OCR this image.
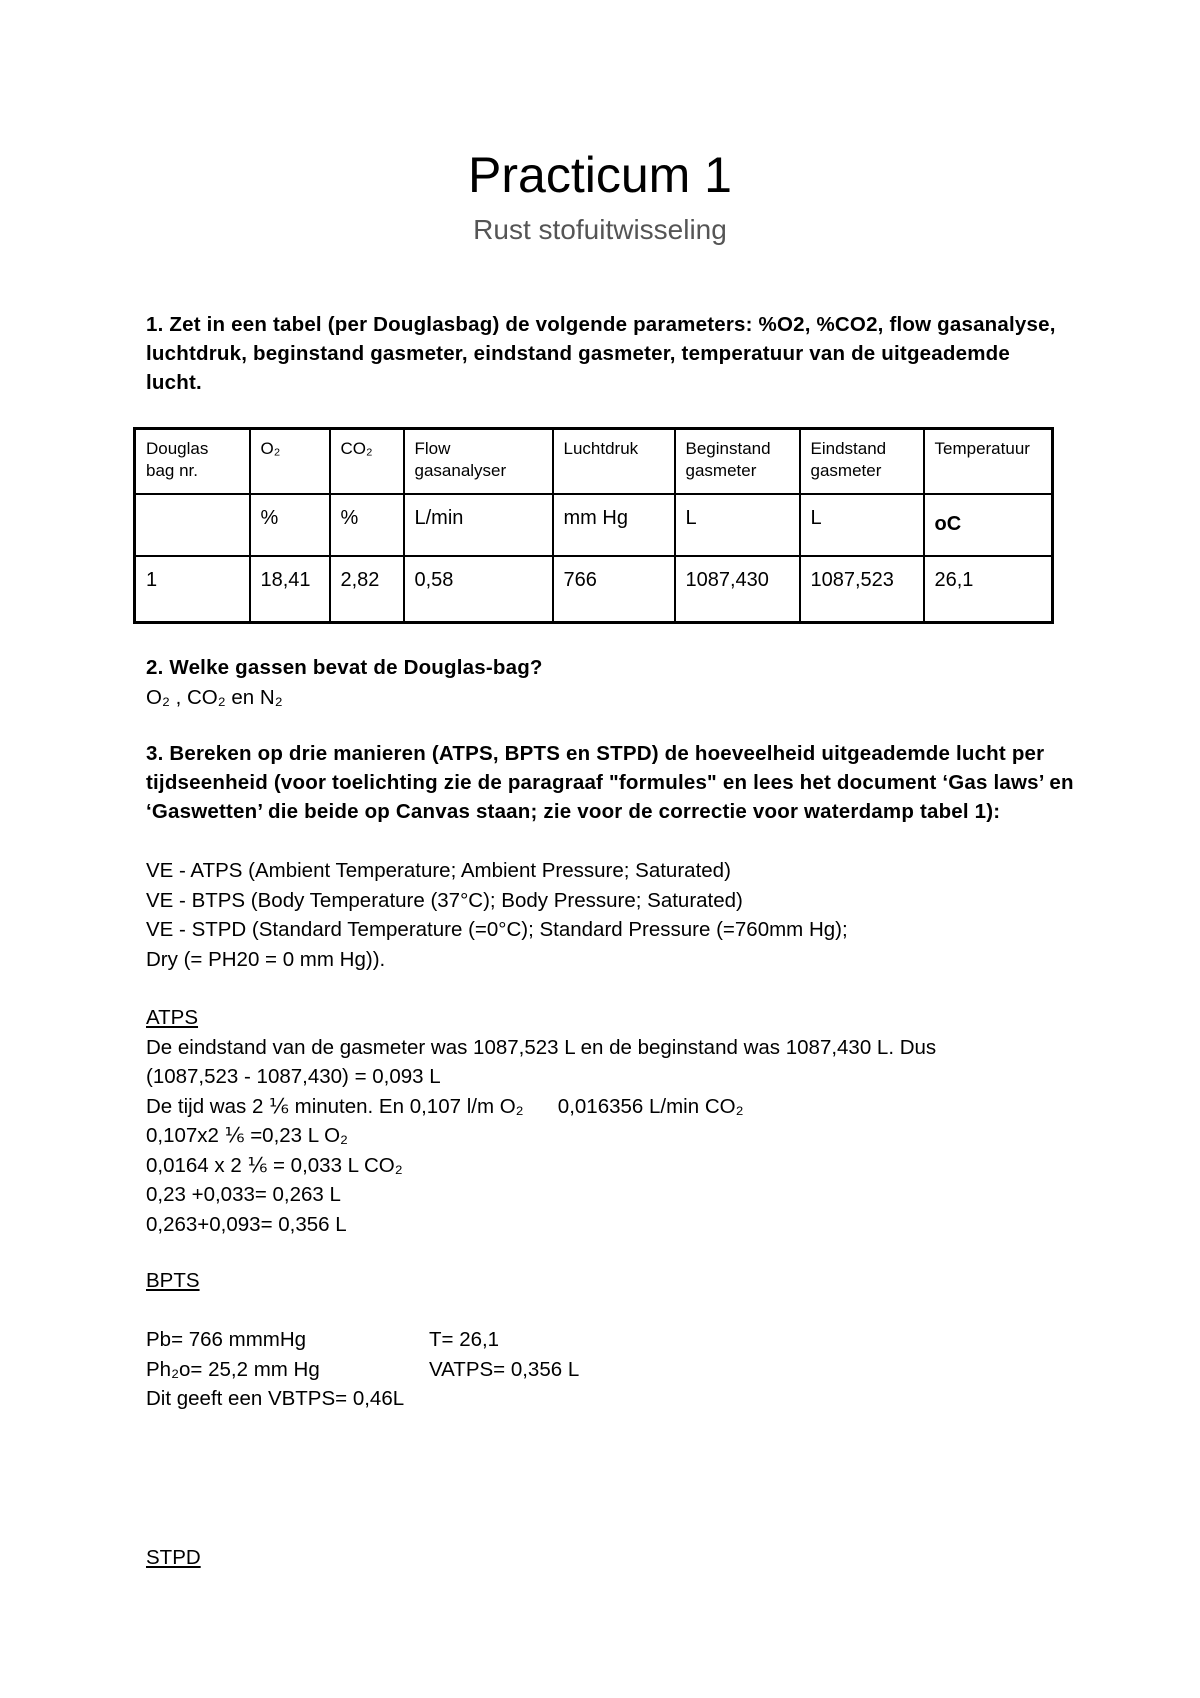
Practicum 1
Rust stofuitwisseling
1. Zet in een tabel (per Douglasbag) de volgende parameters: %O2, %CO2, flow gasanalyse, luchtdruk, beginstand gasmeter, eindstand gasmeter, temperatuur van de uitgeademde lucht.
Douglas bag nr.	O₂	CO₂	Flow gasanalyser	Luchtdruk	Beginstand gasmeter	Eindstand gasmeter	Temperatuur
	%	%	L/min	mm Hg	L	L	oC
1	18,41	2,82	0,58	766	1087,430	1087,523	26,1
2. Welke gassen bevat de Douglas-bag?
O₂ , CO₂ en N₂
3. Bereken op drie manieren (ATPS, BPTS en STPD) de hoeveelheid uitgeademde lucht per tijdseenheid (voor toelichting zie de paragraaf "formules" en lees het document ‘Gas laws’ en ‘Gaswetten’ die beide op Canvas staan; zie voor de correctie voor waterdamp tabel 1):
VE - ATPS (Ambient Temperature; Ambient Pressure; Saturated)
VE - BTPS (Body Temperature (37°C); Body Pressure; Saturated)
VE - STPD (Standard Temperature (=0°C); Standard Pressure (=760mm Hg);
Dry (= PH20 = 0 mm Hg)).
ATPS
De eindstand van de gasmeter was 1087,523 L en de beginstand was 1087,430 L. Dus
(1087,523 - 1087,430) = 0,093 L
De tijd was 2 ⅙ minuten. En 0,107 l/m O₂      0,016356 L/min CO₂
0,107x2 ⅙ =0,23 L O₂
0,0164 x 2 ⅙ = 0,033 L CO₂
0,23 +0,033= 0,263 L
0,263+0,093= 0,356 L
BPTS

Pb= 766 mmmHg	T= 26,1
Ph₂o= 25,2 mm Hg	VATPS= 0,356 L
Dit geeft een VBTPS= 0,46L
STPD
